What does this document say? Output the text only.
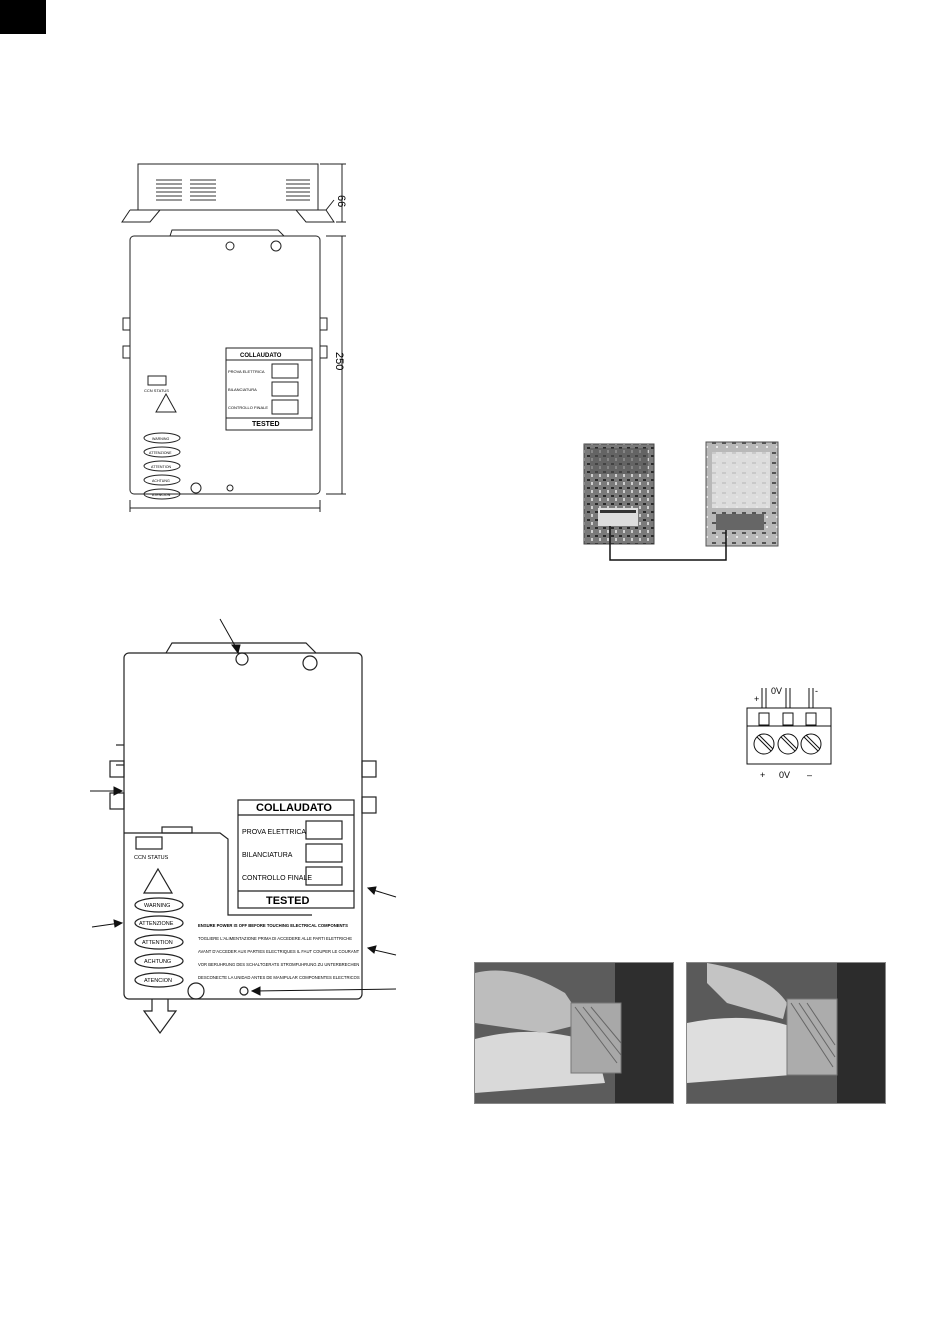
66
250
COLLAUDATO
PROVA ELETTRICA
BILANCIATURA
CONTROLLO FINALE
TESTED
CCN STATUS
WARNING
ATTENZIONE
ATTENTION
ACHTUNG
ATENCION
+
0V	-
+ 0V –
COLLAUDATO
PROVA ELETTRICA
BILANCIATURA
CONTROLLO FINALE
TESTED
CCN STATUS
WARNING
ATTENZIONE
ATTENTION
ACHTUNG
ATENCION
ENSURE POWER IS OFF BEFORE TOUCHING ELECTRICAL COMPONENTS
TOGLIERE L'ALIMENTAZIONE PRIMA DI ACCEDERE ALLE PARTI ELETTRICHE
AVANT D'ACCEDER AUX PARTIES ELECTRIQUES IL FAUT COUPER LE COURANT
VOR BERUHRUNG DES SCHALTGERATS STROMFUHRUNG ZU UNTERBRECHEN
DESCONECTE LA UNIDAD ANTES DE MANIPULAR COMPONENTES ELECTRICOS
